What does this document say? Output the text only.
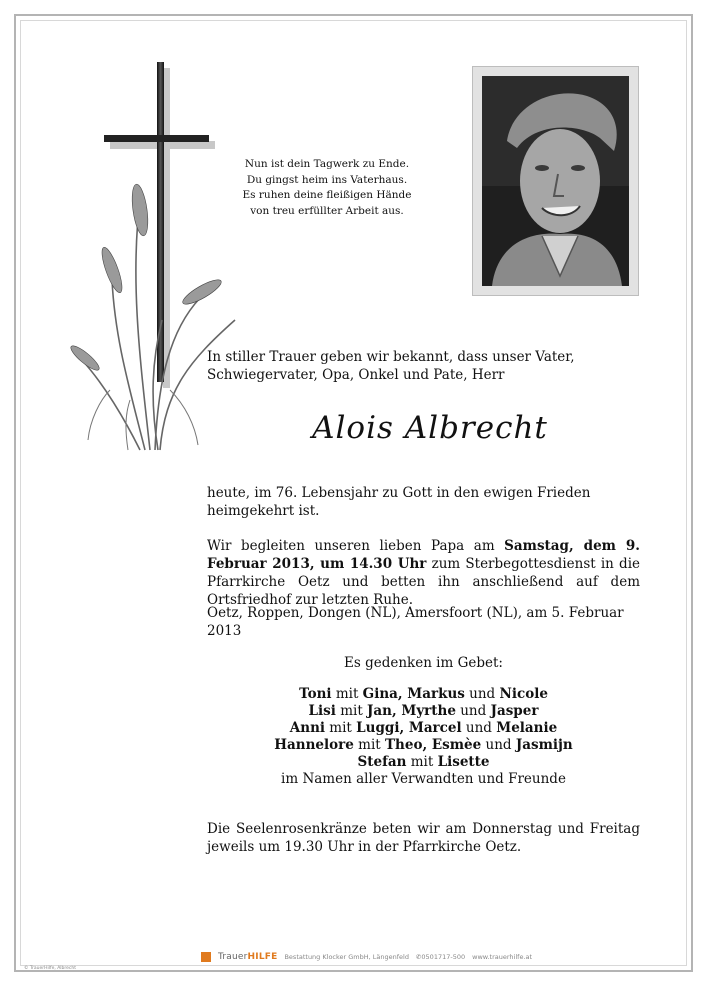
Nun ist dein Tagwerk zu Ende.
Du gingst heim ins Vaterhaus.
Es ruhen deine fleißigen Hände
von treu erfüllter Arbeit aus.
In stiller Trauer geben wir bekannt, dass unser Vater, Schwiegervater, Opa, Onkel und Pate, Herr
Alois Albrecht
heute, im 76. Lebensjahr zu Gott in den ewigen Frieden heimgekehrt ist.
Wir begleiten unseren lieben Papa am Samstag, dem 9. Februar 2013, um 14.30 Uhr zum Sterbegottesdienst in die Pfarrkirche Oetz und betten ihn anschließend auf dem Ortsfriedhof zur letzten Ruhe.
Oetz, Roppen, Dongen (NL), Amersfoort (NL), am 5. Februar 2013
Es gedenken im Gebet:
Toni mit Gina, Markus und Nicole
Lisi mit Jan, Myrthe und Jasper
Anni mit Luggi, Marcel und Melanie
Hannelore mit Theo, Esmèe und Jasmijn
Stefan mit Lisette
im Namen aller Verwandten und Freunde
Die Seelenrosenkränze beten wir am Donnerstag und Freitag jeweils um 19.30 Uhr in der Pfarrkirche Oetz.
TrauerHILFE Bestattung Klocker GmbH, Längenfeld ✆0501717-500 www.trauerhilfe.at
© TrauerHilfe, Albrecht
